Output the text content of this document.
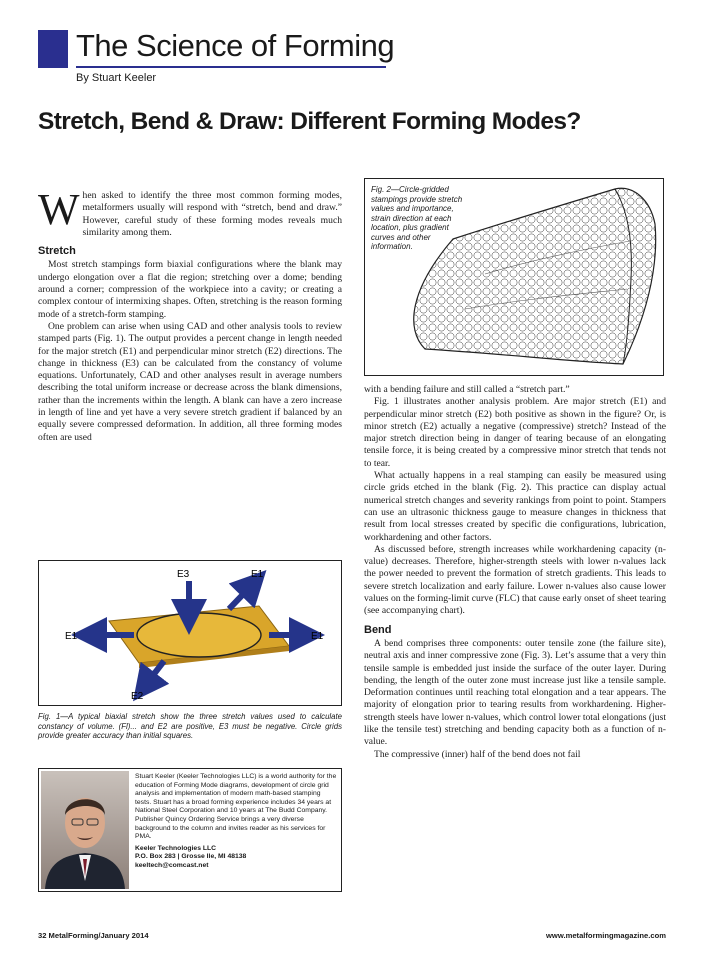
The Science of Forming
By Stuart Keeler
Stretch, Bend & Draw: Different Forming Modes?

When asked to identify the three most common forming modes, metalformers usually will respond with “stretch, bend and draw.” However, careful study of these forming modes reveals much similarity among them.

Stretch

Most stretch stampings form biaxial configurations where the blank may undergo elongation over a flat die region; stretching over a dome; bending around a corner; compression of the workpiece into a cavity; or creating a complex contour of intermixing shapes. Often, stretching is the reason forming mode of a stretch-form stamping.

One problem can arise when using CAD and other analysis tools to review stamped parts (Fig. 1). The output provides a percent change in length needed for the major stretch (E1) and perpendicular minor stretch (E2) directions. The change in thickness (E3) can be calculated from the constancy of volume equations. Unfortunately, CAD and other analyses result in average numbers describing the total uniform increase or decrease across the blank dimensions, rather than the increments within the length. A blank can have a zero increase in length of line and yet have a very severe stretch gradient if balanced by an equally severe compressed deformation. In addition, all three forming modes often are used

Fig. 2—Circle-gridded stampings provide stretch values and importance, strain direction at each location, plus gradient curves and other information.

with a bending failure and still called a “stretch part.”

Fig. 1 illustrates another analysis problem. Are major stretch (E1) and perpendicular minor stretch (E2) both positive as shown in the figure? Or, is minor stretch (E2) actually a negative (compressive) stretch? Instead of the major stretch direction being in danger of tearing because of an elongating tensile force, it is being created by a compressive minor stretch that tends not to tear.

What actually happens in a real stamping can easily be measured using circle grids etched in the blank (Fig. 2). This practice can display actual numerical stretch changes and severity rankings from point to point. Stampers can use an ultrasonic thickness gauge to measure changes in thickness that result from local stresses created by specific die configurations, lubrication, workhardening and other factors.

As discussed before, strength increases while workhardening capacity (n-value) decreases. Therefore, higher-strength steels with lower n-values lack the power needed to prevent the formation of stretch gradients. This leads to severe stretch localization and early failure. Lower n-values also cause lower values on the forming-limit curve (FLC) that cause early onset of sheet tearing (see accompanying chart).

Bend

A bend comprises three components: outer tensile zone (the failure site), neutral axis and inner compressive zone (Fig. 3). Let’s assume that a very thin tensile sample is embedded just inside the surface of the outer layer. During bending, the length of the outer zone must increase just like a tensile sample. Deformation continues until reaching total elongation and a tear appears. The majority of elongation prior to tearing results from workhardening. Higher-strength steels have lower n-values, which control lower total elongations (just like the tensile test) stretching and bending capacity both as a function of n-value.

The compressive (inner) half of the bend does not fail

E3	E1
E1	E1
E2
Fig. 1—A typical biaxial stretch show the three stretch values used to calculate constancy of volume. (Fl)... and E2 are positive, E3 must be negative. Circle grids provide greater accuracy than initial squares.
Stuart Keeler (Keeler Technologies LLC) is a world authority for the education of Forming Mode diagrams, development of circle grid analysis and implementation of modern math-based stamping tests. Stuart has a broad forming experience includes 34 years at National Steel Corporation and 10 years at The Budd Company. Publisher Quincy Ordering Service brings a very diverse background to the column and invites reader as his services for PMA.
Keeler Technologies LLC
P.O. Box 283 | Grosse Ile, MI 48138
keeltech@comcast.net
32 MetalForming/January 2014	www.metalformingmagazine.com
